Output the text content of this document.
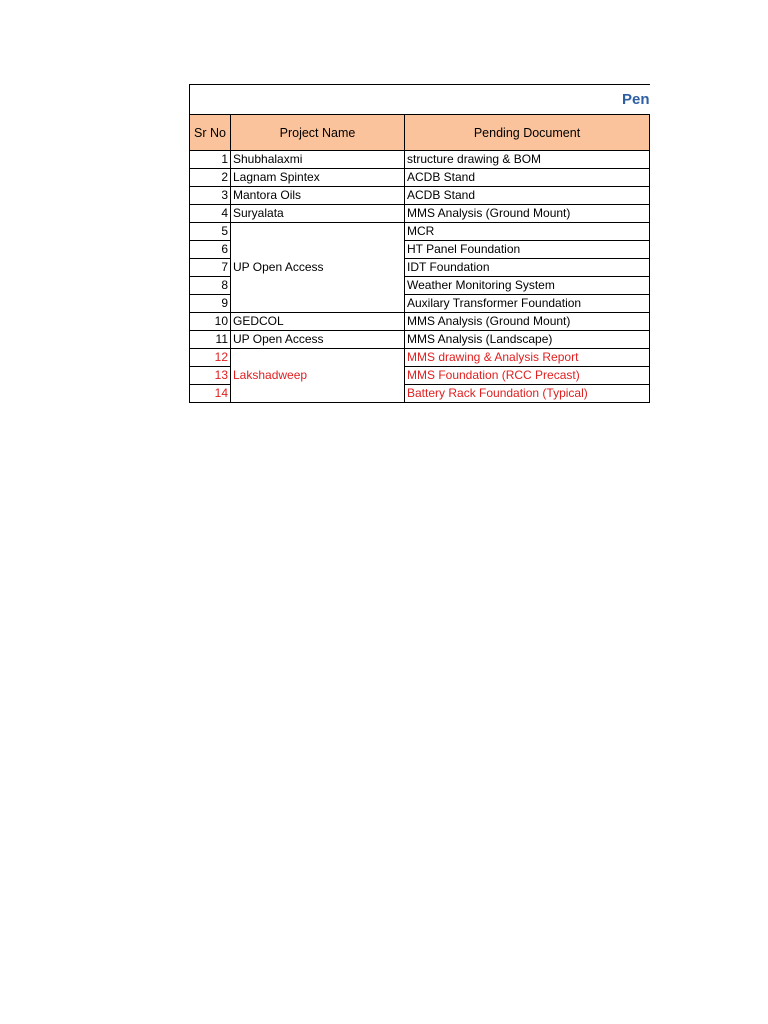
Pen		
Sr No	Project Name	Pending Document
1	Shubhalaxmi	structure drawing & BOM
2	Lagnam Spintex	ACDB Stand
3	Mantora Oils	ACDB Stand
4	Suryalata	MMS Analysis (Ground Mount)
5	UP Open Access	MCR
6		HT Panel Foundation
7		IDT Foundation
8		Weather Monitoring System
9		Auxilary Transformer Foundation
10	GEDCOL	MMS Analysis (Ground Mount)
11	UP Open Access	MMS Analysis (Landscape)
12	Lakshadweep	MMS drawing & Analysis Report
13		MMS Foundation (RCC Precast)
14		Battery Rack Foundation (Typical)
